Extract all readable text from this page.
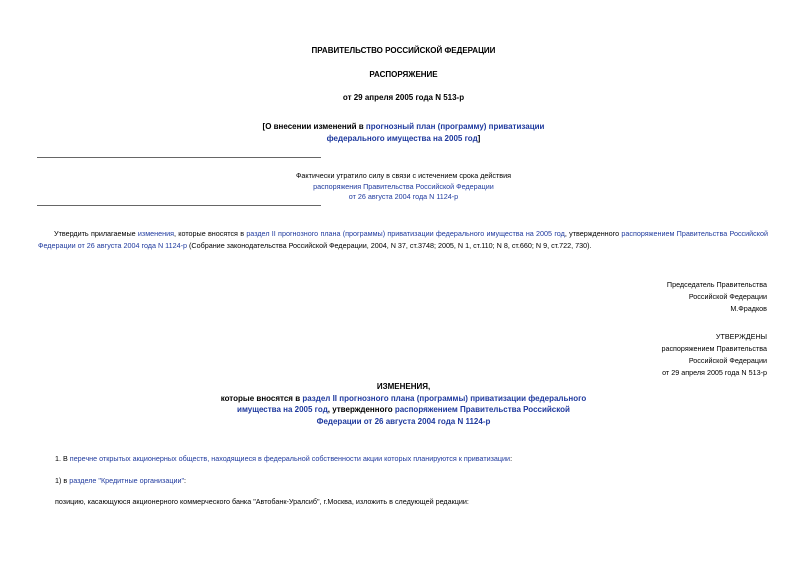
ПРАВИТЕЛЬСТВО РОССИЙСКОЙ ФЕДЕРАЦИИ
РАСПОРЯЖЕНИЕ
от 29 апреля 2005 года N 513-р
[О внесении изменений в прогнозный план (программу) приватизации
федерального имущества на 2005 год]
Фактически утратило силу в связи с истечением срока действия
распоряжения Правительства Российской Федерации
от 26 августа 2004 года N 1124-р
Утвердить прилагаемые изменения, которые вносятся в раздел II прогнозного плана (программы) приватизации федерального имущества на 2005 год, утвержденного распоряжением Правительства Российской Федерации от 26 августа 2004 года N 1124-р (Собрание законодательства Российской Федерации, 2004, N 37, ст.3748; 2005, N 1, ст.110; N 8, ст.660; N 9, ст.722, 730).
Председатель Правительства
Российской Федерации
М.Фрадков
УТВЕРЖДЕНЫ
распоряжением Правительства
Российской Федерации
от 29 апреля 2005 года N 513-р
ИЗМЕНЕНИЯ,
которые вносятся в раздел II прогнозного плана (программы) приватизации федерального
имущества на 2005 год, утвержденного распоряжением Правительства Российской
Федерации от 26 августа 2004 года N 1124-р
1. В перечне открытых акционерных обществ, находящиеся в федеральной собственности акции которых планируются к приватизации:
1) в разделе "Кредитные организации":
позицию, касающуюся акционерного коммерческого банка "Автобанк-Уралсиб", г.Москва, изложить в следующей редакции:
